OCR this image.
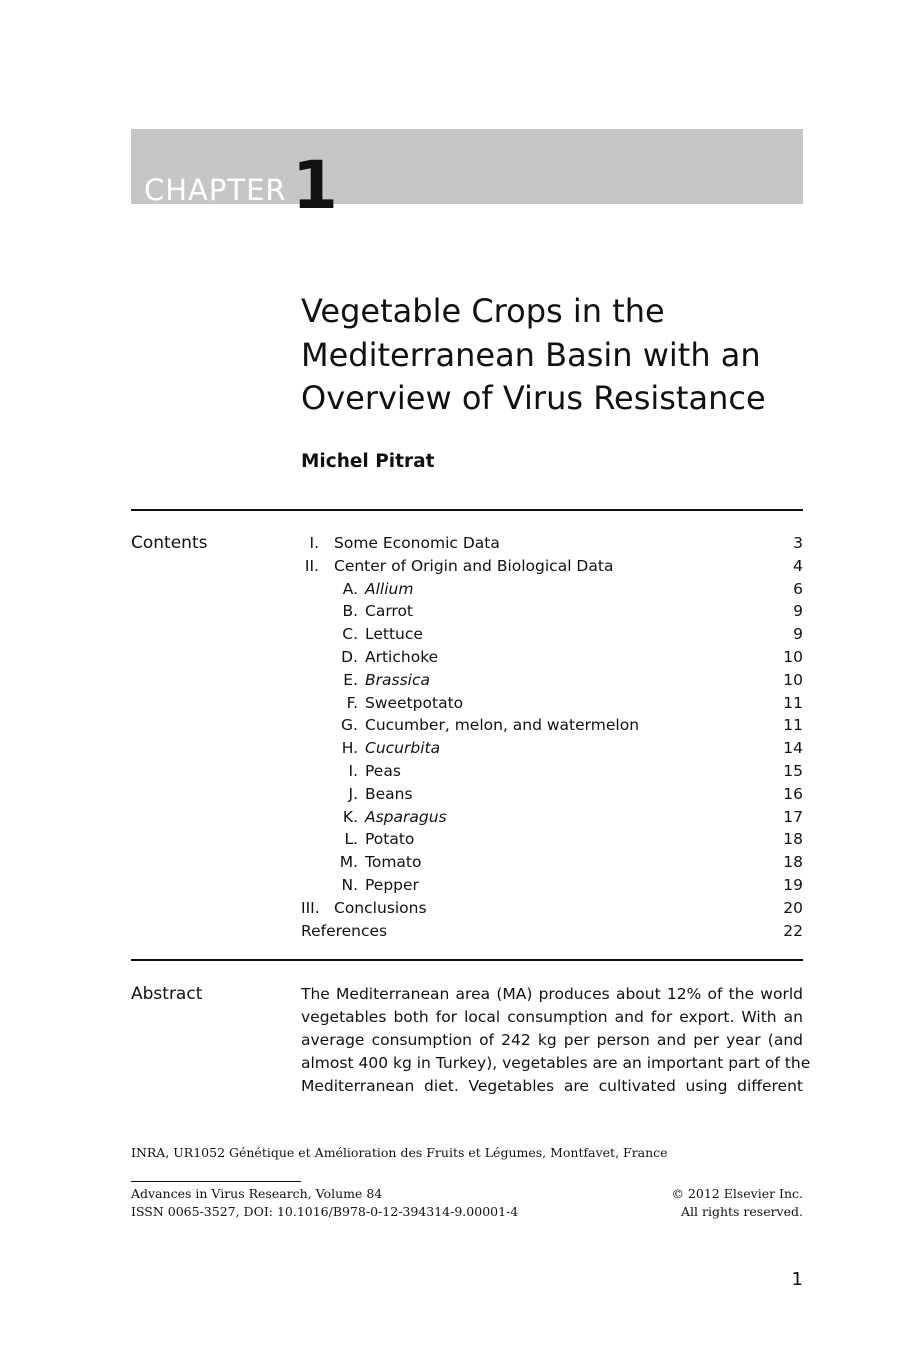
CHAPTER 1
Vegetable Crops in the
Mediterranean Basin with an
Overview of Virus Resistance
Michel Pitrat
Contents	I. Some Economic Data	3
II. Center of Origin and Biological Data	4
A. Allium	6
B. Carrot	9
C. Lettuce	9
D. Artichoke	10
E. Brassica	10
F. Sweetpotato	11
G. Cucumber, melon, and watermelon	11
H. Cucurbita	14
I. Peas	15
J. Beans	16
K. Asparagus	17
L. Potato	18
M. Tomato	18
N. Pepper	19
III. Conclusions	20
References	22
Abstract	The Mediterranean area (MA) produces about 12% of the world
vegetables both for local consumption and for export. With an
average consumption of 242 kg per person and per year (and
almost 400 kg in Turkey), vegetables are an important part of the
Mediterranean diet. Vegetables are cultivated using different
INRA, UR1052 Génétique et Amélioration des Fruits et Légumes, Montfavet, France
Advances in Virus Research, Volume 84
ISSN 0065-3527, DOI: 10.1016/B978-0-12-394314-9.00001-4
© 2012 Elsevier Inc.
All rights reserved.
1
